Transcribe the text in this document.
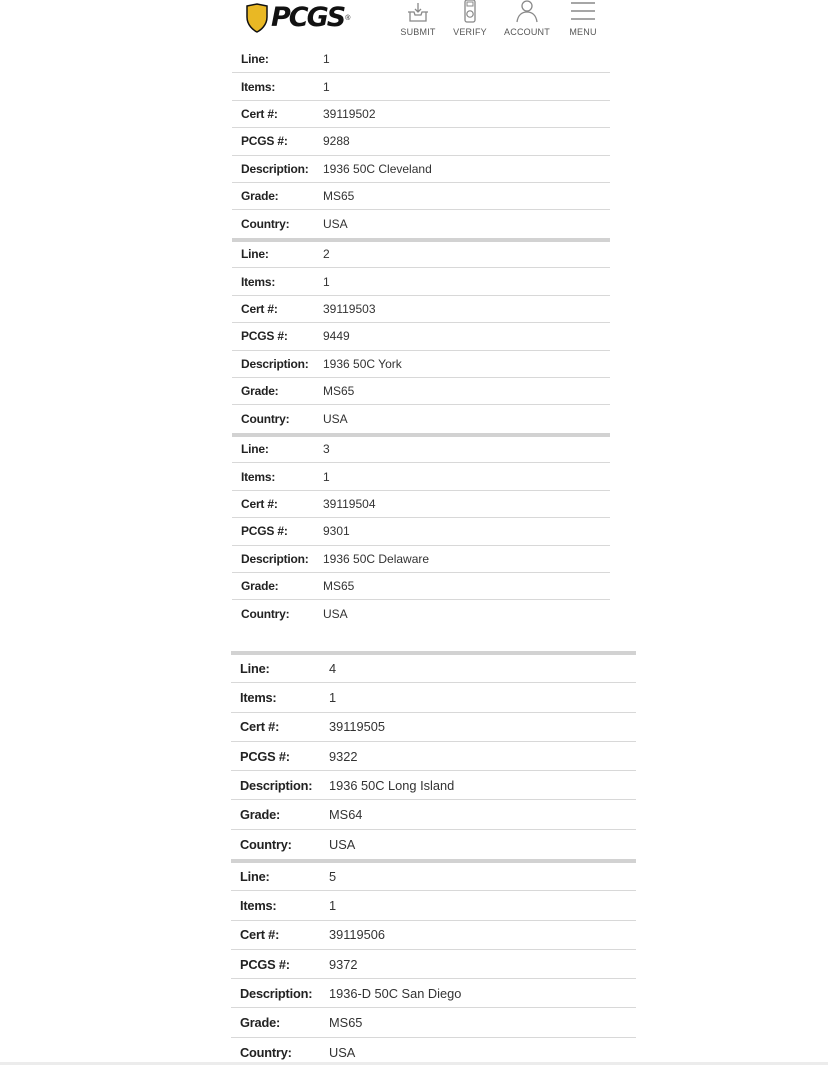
PCGS ®
SUBMIT VERIFY ACCOUNT MENU
Line:	1
Items:	1
Cert #:	39119502
PCGS #:	9288
Description:	1936 50C Cleveland
Grade:	MS65
Country:	USA
Line:	2
Items:	1
Cert #:	39119503
PCGS #:	9449
Description:	1936 50C York
Grade:	MS65
Country:	USA
Line:	3
Items:	1
Cert #:	39119504
PCGS #:	9301
Description:	1936 50C Delaware
Grade:	MS65
Country:	USA
Line:	4
Items:	1
Cert #:	39119505
PCGS #:	9322
Description:	1936 50C Long Island
Grade:	MS64
Country:	USA
Line:	5
Items:	1
Cert #:	39119506
PCGS #:	9372
Description:	1936-D 50C San Diego
Grade:	MS65
Country:	USA
